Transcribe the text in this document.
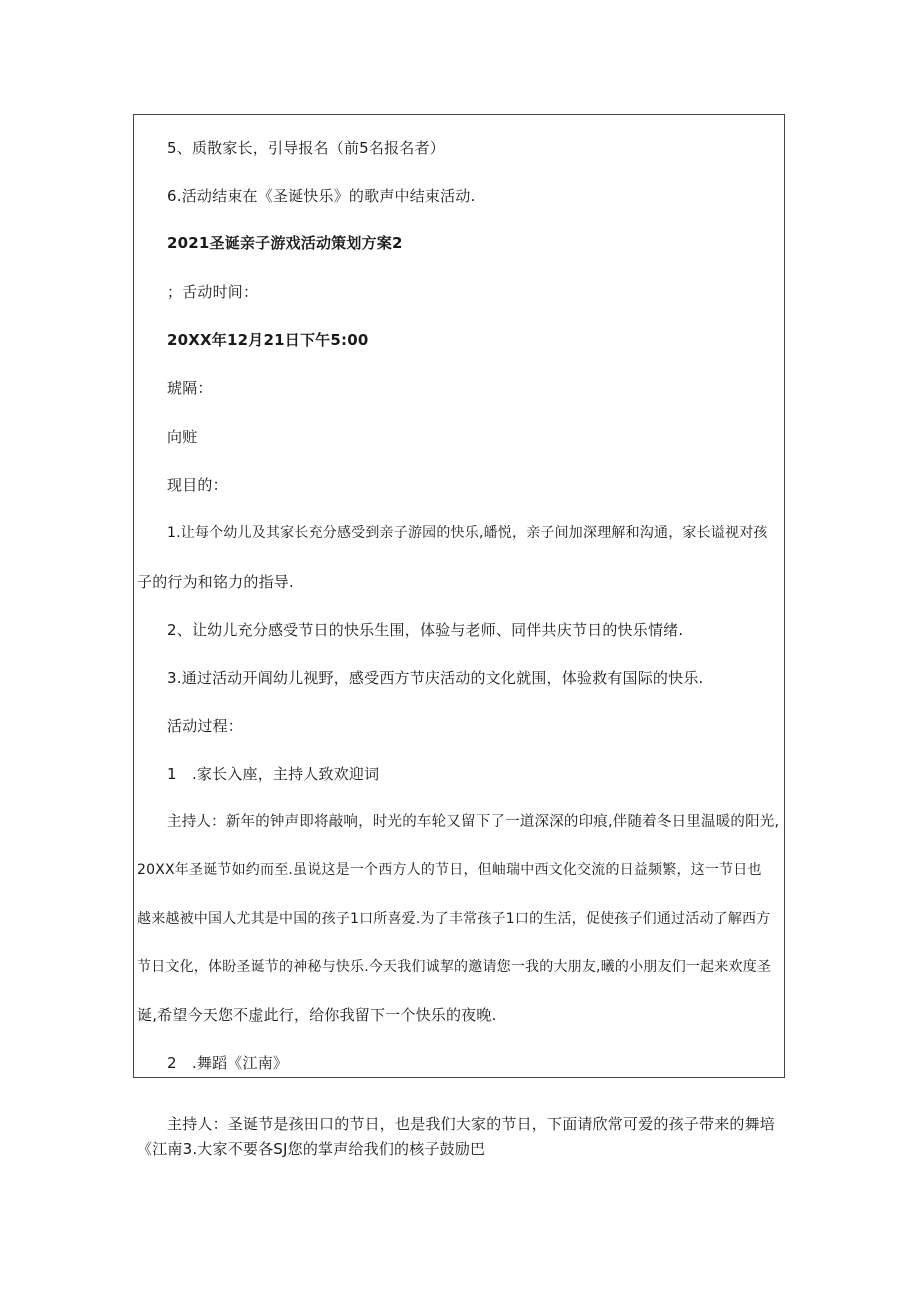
5、质散家长，引导报名（前5名报名者）
6.活动结束在《圣诞快乐》的歌声中结束活动.
2021圣诞亲子游戏活动策划方案2
；舌动时间：
20XX年12月21日下午5:00
琥隔：
向赃
现目的：
1.让每个幼儿及其家长充分感受到亲子游园的快乐,皤悦，亲子间加深理解和沟通，家长谥视对孩
子的行为和铭力的指导.
2、让幼儿充分感受节日的快乐生围，体验与老师、同伴共庆节日的快乐情绪.
3.通过活动开阊幼儿视野，感受西方节庆活动的文化就围，体验救有国际的快乐.
活动过程：
1　.家长入座，主持人致欢迎词
主持人：新年的钟声即将敲响，时光的车轮又留下了一道深深的印痕,伴随着冬日里温暖的阳光,
20XX年圣诞节如约而至.虽说这是一个西方人的节日，但岫瑞中西文化交流的日益频繁，这一节日也
越来越被中国人尤其是中国的孩子1口所喜爱.为了丰常孩子1口的生活，促使孩子们通过活动了解西方
节日文化，体盼圣诞节的神秘与快乐.今天我们诚挈的邀请您一我的大朋友,曦的小朋友们一起来欢度圣
诞,希望今天您不虚此行，给你我留下一个快乐的夜晚.
2　.舞蹈《江南》
主持人：圣诞节是孩田口的节日，也是我们大家的节日，下面请欣常可爱的孩子带来的舞培
《江南3.大家不要各SJ您的掌声给我们的核子鼓励巴
